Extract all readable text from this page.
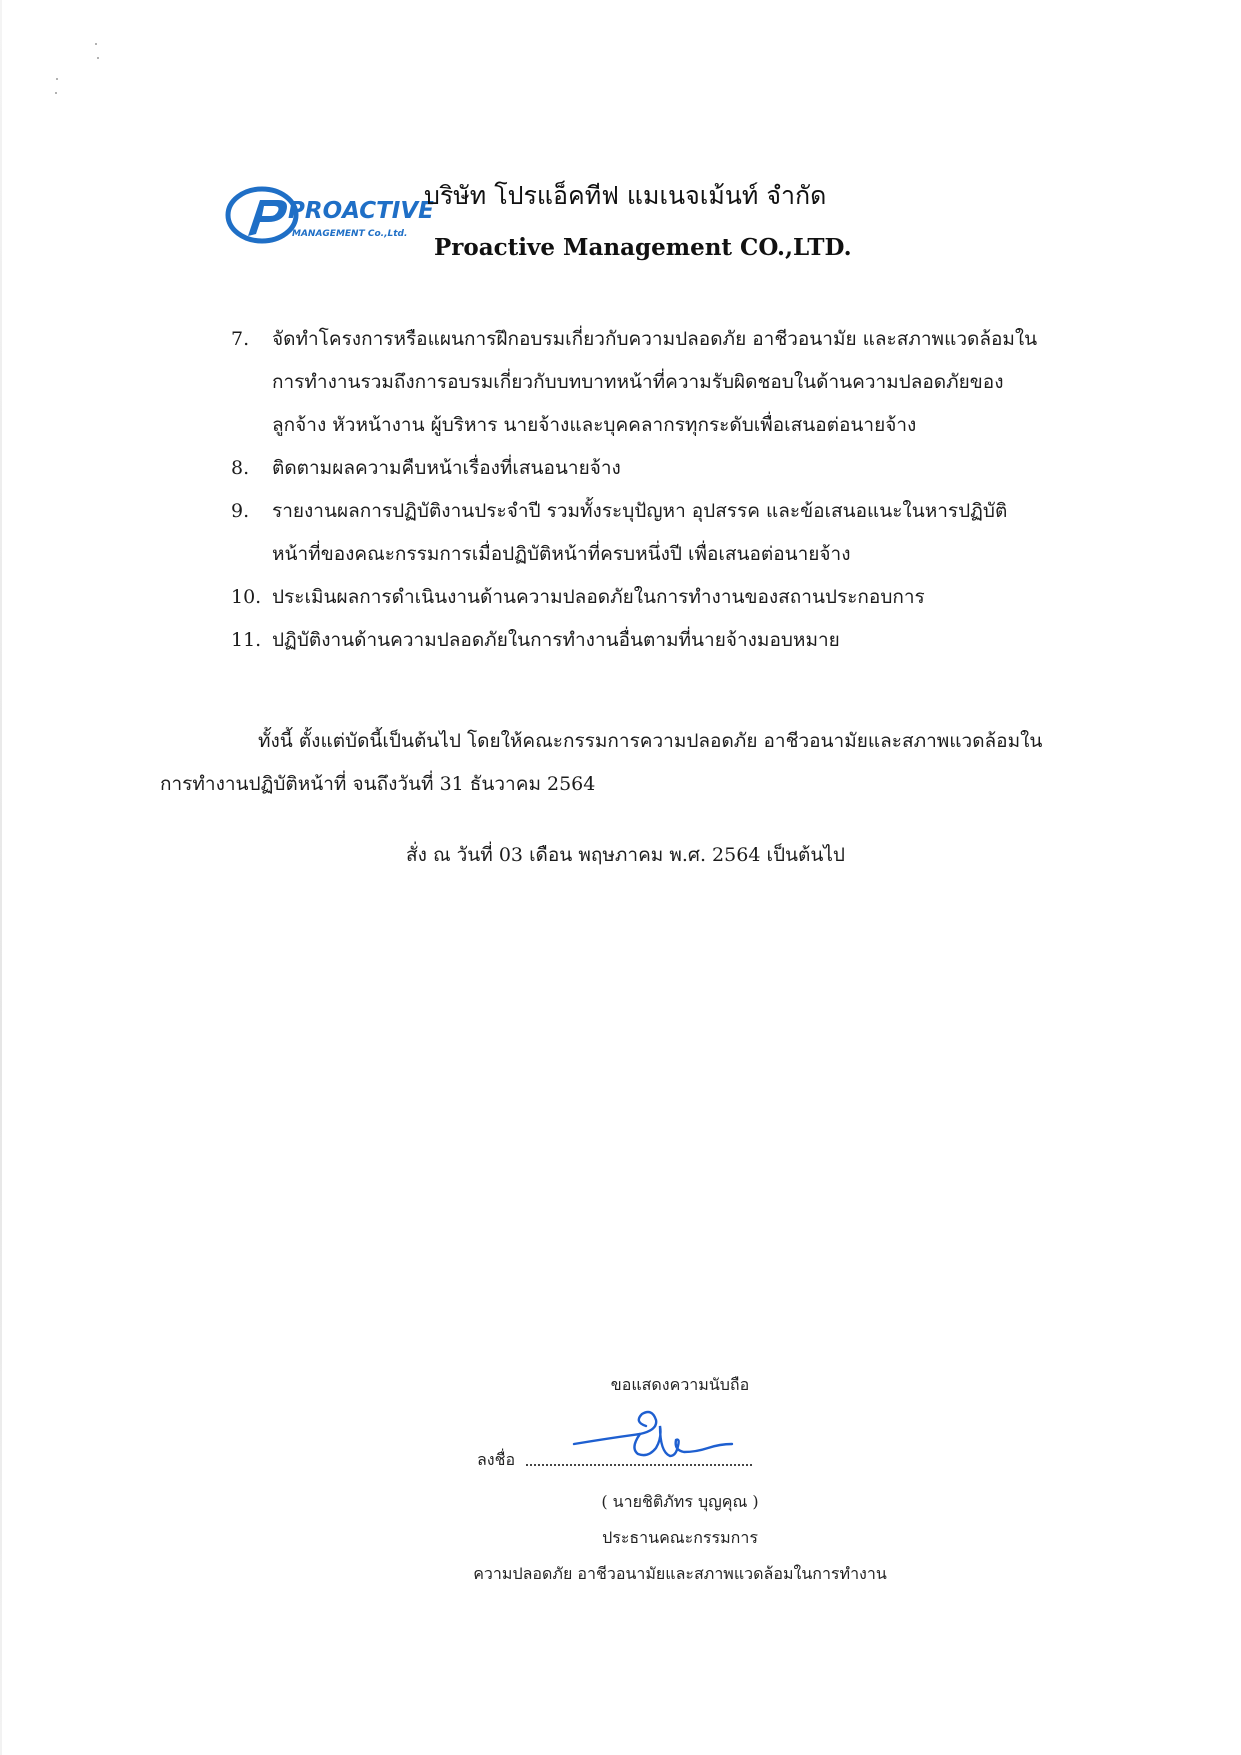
PROACTIVE
MANAGEMENT Co.,Ltd.
บริษัท โปรแอ็คทีฟ แมเนจเม้นท์ จำกัด
Proactive Management CO.,LTD.
7.	จัดทำโครงการหรือแผนการฝึกอบรมเกี่ยวกับความปลอดภัย อาชีวอนามัย และสภาพแวดล้อมใน
การทำงานรวมถึงการอบรมเกี่ยวกับบทบาทหน้าที่ความรับผิดชอบในด้านความปลอดภัยของ
ลูกจ้าง หัวหน้างาน ผู้บริหาร นายจ้างและบุคคลากรทุกระดับเพื่อเสนอต่อนายจ้าง
8.	ติดตามผลความคืบหน้าเรื่องที่เสนอนายจ้าง
9.	รายงานผลการปฏิบัติงานประจำปี รวมทั้งระบุปัญหา อุปสรรค และข้อเสนอแนะในหารปฏิบัติ
หน้าที่ของคณะกรรมการเมื่อปฏิบัติหน้าที่ครบหนึ่งปี เพื่อเสนอต่อนายจ้าง
10. ประเมินผลการดำเนินงานด้านความปลอดภัยในการทำงานของสถานประกอบการ
11. ปฏิบัติงานด้านความปลอดภัยในการทำงานอื่นตามที่นายจ้างมอบหมาย

ทั้งนี้ ตั้งแต่บัดนี้เป็นต้นไป โดยให้คณะกรรมการความปลอดภัย อาชีวอนามัยและสภาพแวดล้อมใน
การทำงานปฏิบัติหน้าที่ จนถึงวันที่ 31 ธันวาคม 2564

สั่ง ณ วันที่ 03 เดือน พฤษภาคม พ.ศ. 2564 เป็นต้นไป
ขอแสดงความนับถือ
ลงชื่อ
( นายชิติภัทร บุญคุณ )
ประธานคณะกรรมการ
ความปลอดภัย อาชีวอนามัยและสภาพแวดล้อมในการทำงาน
